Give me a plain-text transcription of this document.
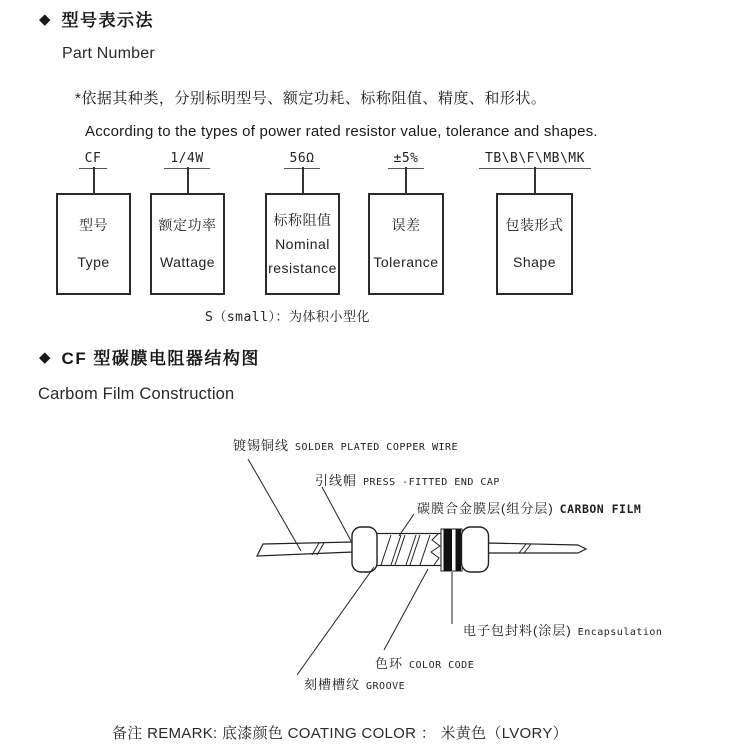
◆ 型号表示法
Part Number
*依据其种类，分别标明型号、额定功耗、标称阻值、精度、和形状。
According to the types of power rated resistor value, tolerance and shapes.
CF
型号
Type
1/4W
额定功率
Wattage
56Ω
标称阻值
Nominal
resistance
±5%
误差
Tolerance
TB\B\F\MB\MK
包装形式
Shape
S（small）：为体积小型化
◆ CF 型碳膜电阻器结构图
Carbom Film Construction
镀锡铜线 SOLDER PLATED COPPER WIRE
引线帽 PRESS -FITTED END CAP
碳膜合金膜层(组分层) CARBON FILM
电子包封料(涂层) Encapsulation
色环 COLOR CODE
刻槽槽纹 GROOVE
备注 REMARK: 底漆颜色 COATING COLOR ： 米黄色（LVORY）
